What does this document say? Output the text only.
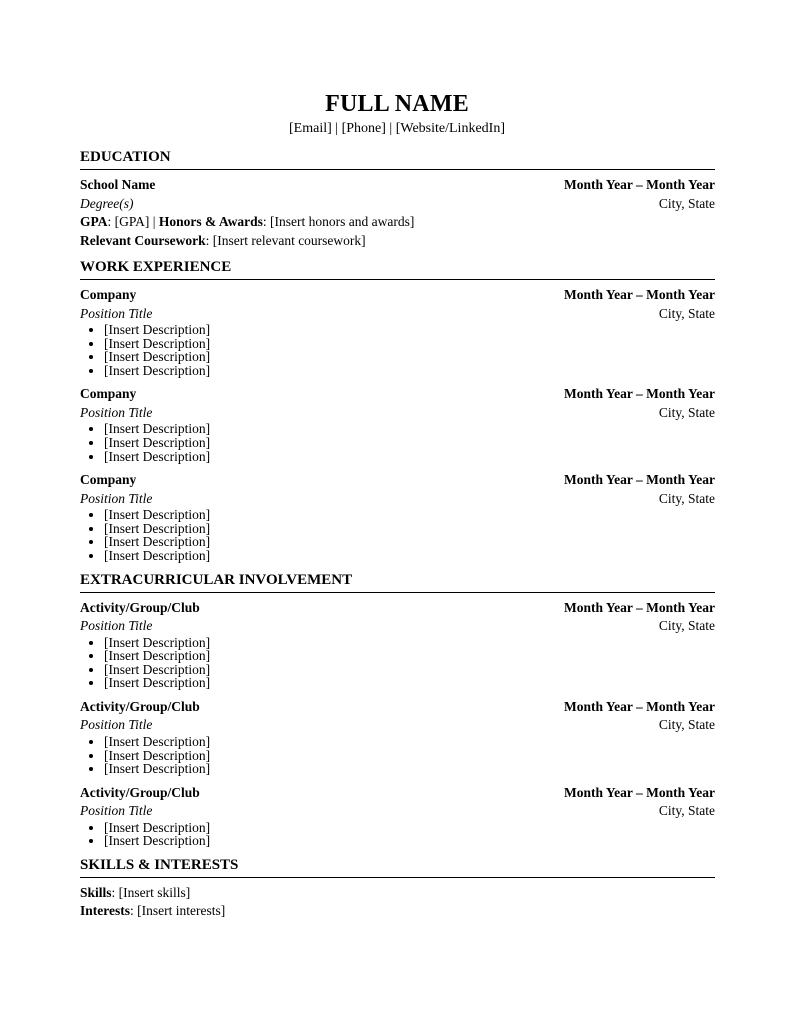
FULL NAME
[Email] | [Phone] | [Website/LinkedIn]
EDUCATION
School Name	Month Year – Month Year
Degree(s)	City, State
GPA: [GPA] | Honors & Awards: [Insert honors and awards]
Relevant Coursework: [Insert relevant coursework]
WORK EXPERIENCE
Company	Month Year – Month Year
Position Title	City, State
• [Insert Description]
• [Insert Description]
• [Insert Description]
• [Insert Description]
Company	Month Year – Month Year
Position Title	City, State
• [Insert Description]
• [Insert Description]
• [Insert Description]
Company	Month Year – Month Year
Position Title	City, State
• [Insert Description]
• [Insert Description]
• [Insert Description]
• [Insert Description]
EXTRACURRICULAR INVOLVEMENT
Activity/Group/Club	Month Year – Month Year
Position Title	City, State
• [Insert Description]
• [Insert Description]
• [Insert Description]
• [Insert Description]
Activity/Group/Club	Month Year – Month Year
Position Title	City, State
• [Insert Description]
• [Insert Description]
• [Insert Description]
Activity/Group/Club	Month Year – Month Year
Position Title	City, State
• [Insert Description]
• [Insert Description]
SKILLS & INTERESTS
Skills: [Insert skills]
Interests: [Insert interests]
